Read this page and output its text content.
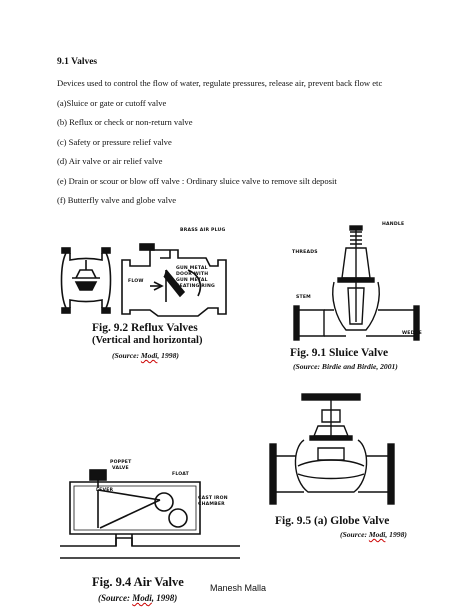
9.1 Valves
Devices used to control the flow of water, regulate pressures, release air, prevent back flow etc
(a)Sluice or gate or cutoff valve
(b) Reflux or check or non-return valve
(c) Safety or pressure relief valve
(d) Air valve or air relief valve
(e) Drain or scour or blow off valve : Ordinary sluice valve to remove silt deposit
(f) Butterfly valve and globe valve
BRASS AIR PLUG
FLOW
GUN METAL
DOOR WITH
GUN METAL
SEATING RING
Fig. 9.2 Reflux Valves
(Vertical and horizontal)
(Source: Modi, 1998)
HANDLE
THREADS
STEM
WEDGE
Fig. 9.1 Sluice Valve
(Source: Birdie and Birdie, 2001)
Fig. 9.5 (a) Globe Valve
(Source: Modi, 1998)
POPPET
VALVE
FLOAT
LEVER
CAST IRON
CHAMBER
Fig. 9.4 Air Valve
(Source: Modi, 1998)
Manesh Malla
